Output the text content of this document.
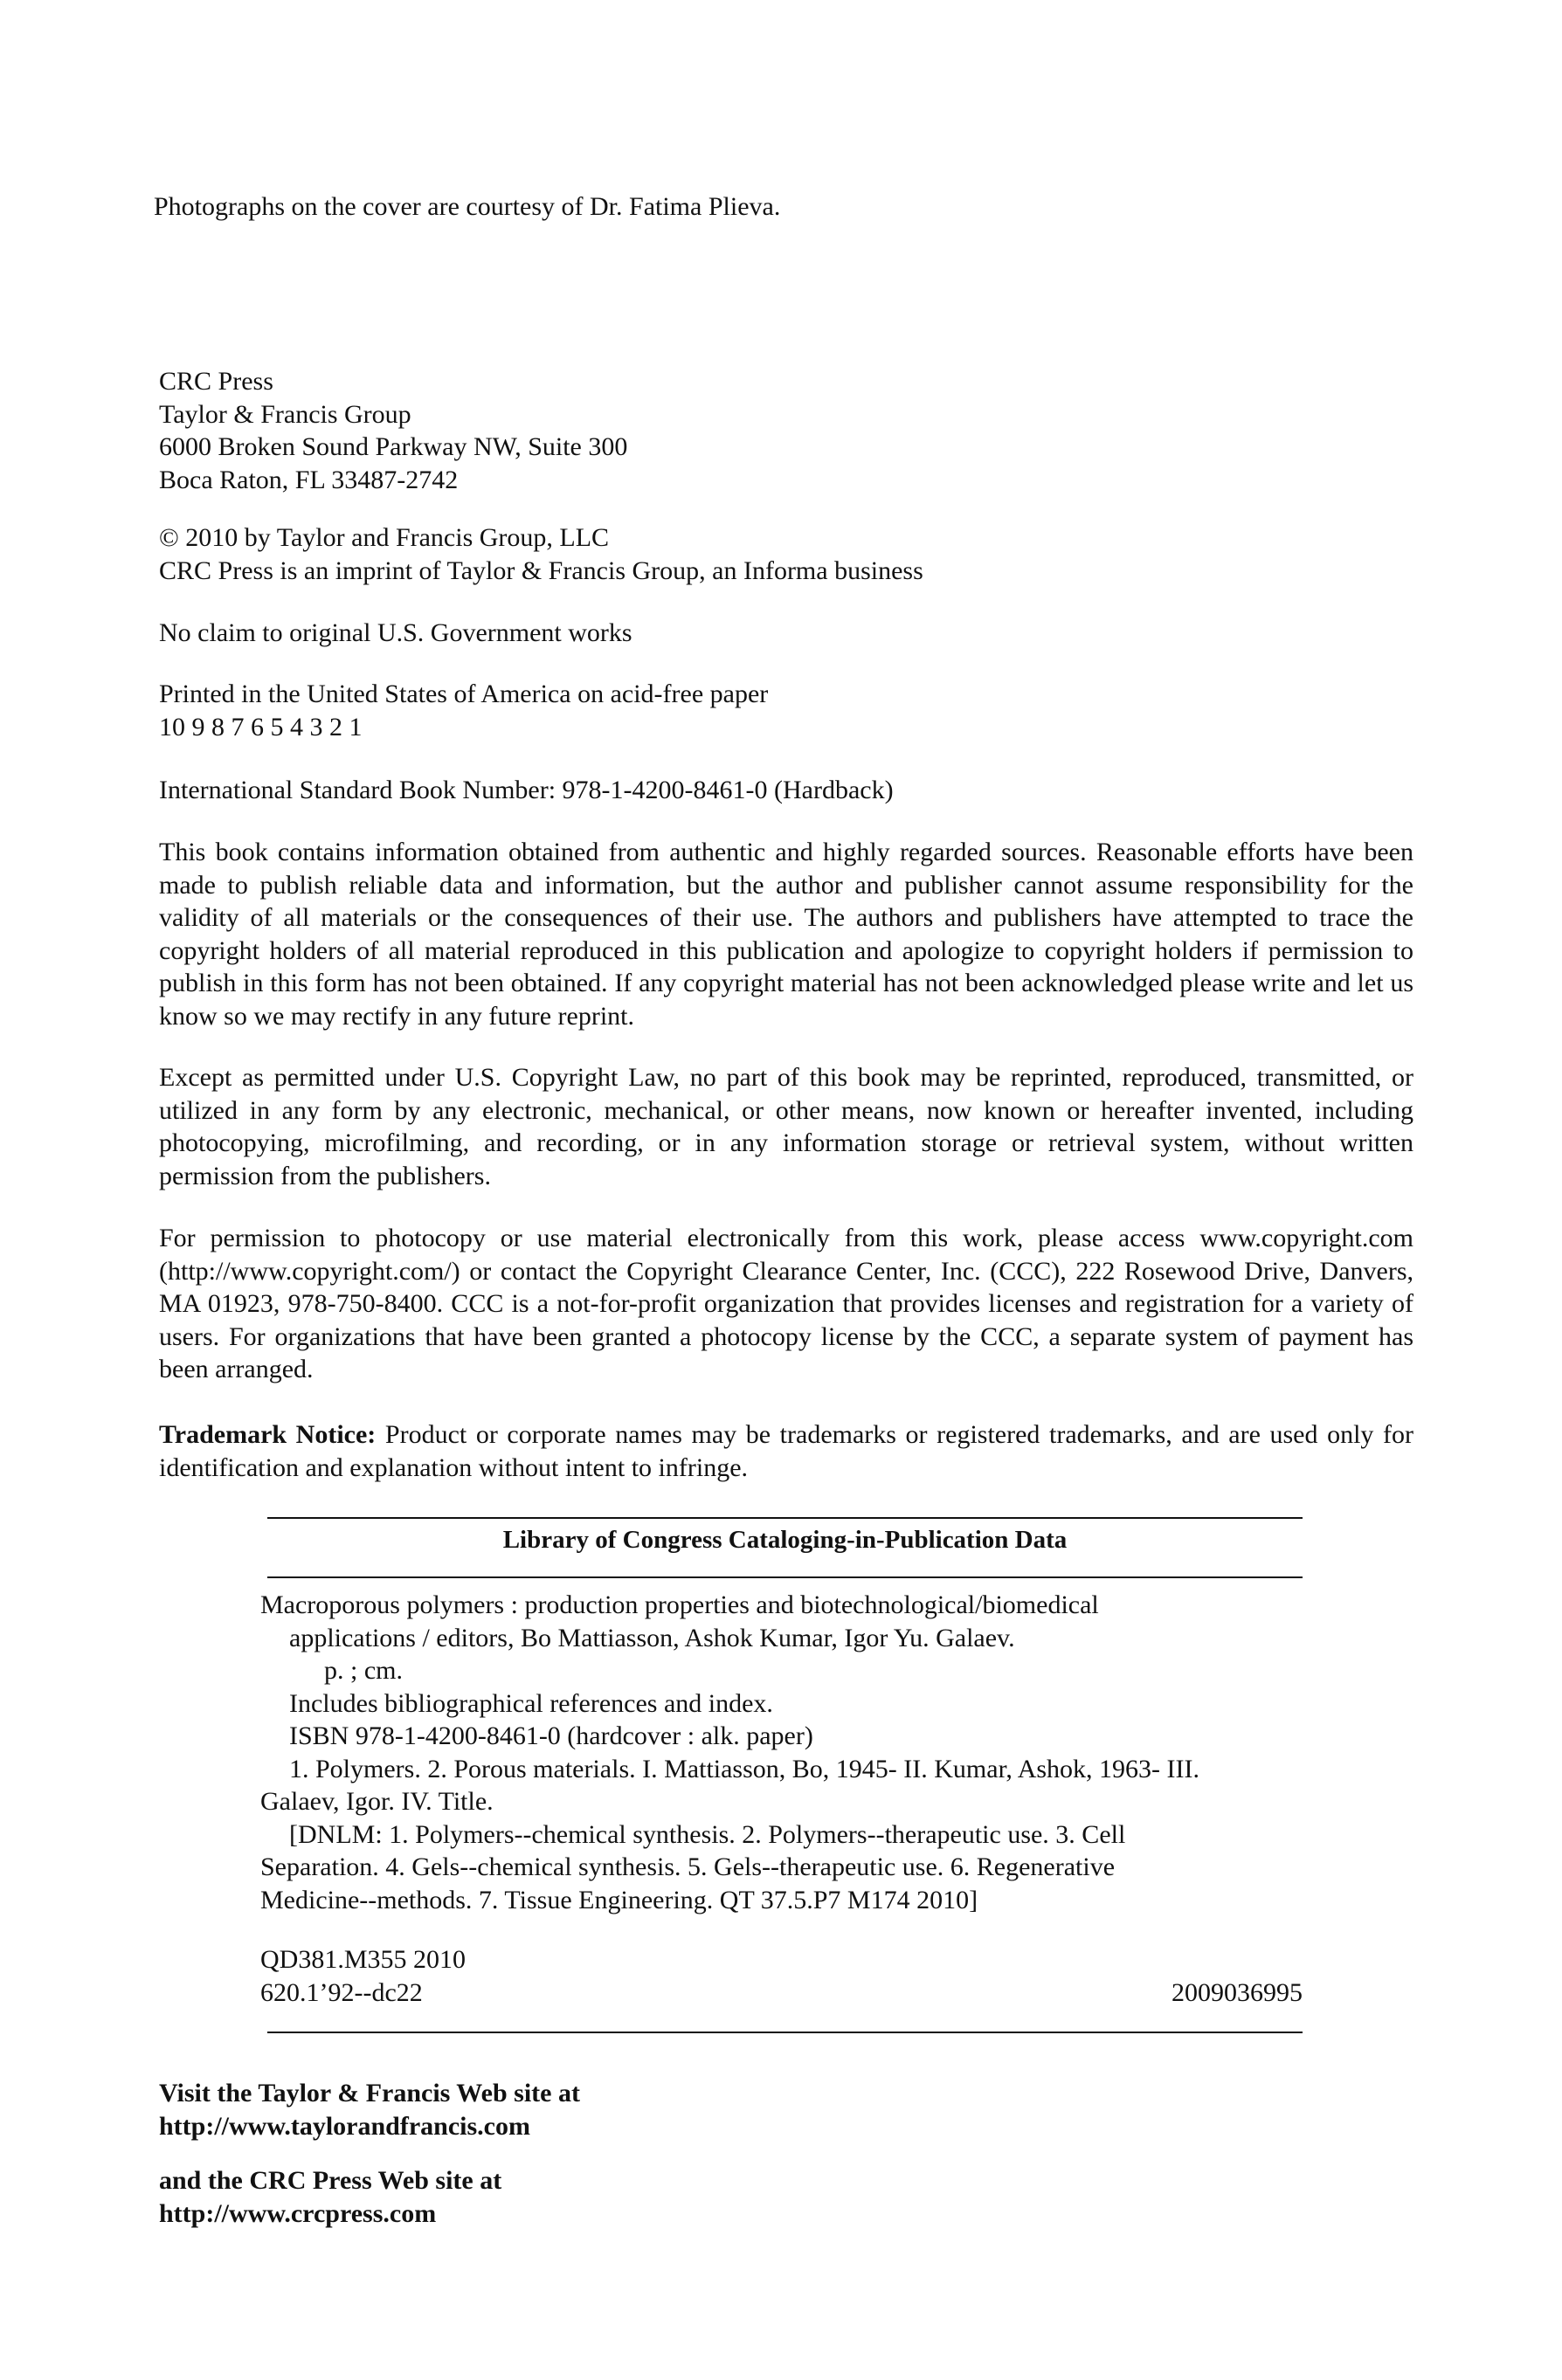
Photographs on the cover are courtesy of Dr. Fatima Plieva.

CRC Press

Taylor & Francis Group

6000 Broken Sound Parkway NW, Suite 300

Boca Raton, FL 33487-2742

© 2010 by Taylor and Francis Group, LLC

CRC Press is an imprint of Taylor & Francis Group, an Informa business

No claim to original U.S. Government works

Printed in the United States of America on acid-free paper

10 9 8 7 6 5 4 3 2 1

International Standard Book Number: 978-1-4200-8461-0 (Hardback)

This book contains information obtained from authentic and highly regarded sources. Reasonable efforts have been made to publish reliable data and information, but the author and publisher cannot assume responsibility for the validity of all materials or the consequences of their use. The authors and publishers have attempted to trace the copyright holders of all material reproduced in this publication and apologize to copyright holders if permission to publish in this form has not been obtained. If any copyright material has not been acknowledged please write and let us know so we may rectify in any future reprint.

Except as permitted under U.S. Copyright Law, no part of this book may be reprinted, reproduced, transmitted, or utilized in any form by any electronic, mechanical, or other means, now known or hereafter invented, including photocopying, microfilming, and recording, or in any information storage or retrieval system, without written permission from the publishers.

For permission to photocopy or use material electronically from this work, please access www.copyright.com (http://www.copyright.com/) or contact the Copyright Clearance Center, Inc. (CCC), 222 Rosewood Drive, Danvers, MA 01923, 978-750-8400. CCC is a not-for-profit organization that provides licenses and registration for a variety of users. For organizations that have been granted a photocopy license by the CCC, a separate system of payment has been arranged.

Trademark Notice: Product or corporate names may be trademarks or registered trademarks, and are used only for identification and explanation without intent to infringe.

Library of Congress Cataloging-in-Publication Data

Macroporous polymers : production properties and biotechnological/biomedical

applications / editors, Bo Mattiasson, Ashok Kumar, Igor Yu. Galaev.

p. ; cm.

Includes bibliographical references and index.

ISBN 978-1-4200-8461-0 (hardcover : alk. paper)

1. Polymers. 2. Porous materials. I. Mattiasson, Bo, 1945- II. Kumar, Ashok, 1963- III.

Galaev, Igor. IV. Title.

[DNLM: 1. Polymers--chemical synthesis. 2. Polymers--therapeutic use. 3. Cell

Separation. 4. Gels--chemical synthesis. 5. Gels--therapeutic use. 6. Regenerative

Medicine--methods. 7. Tissue Engineering. QT 37.5.P7 M174 2010]

QD381.M355 2010

620.1’92--dc22	2009036995

Visit the Taylor & Francis Web site at

http://www.taylorandfrancis.com

and the CRC Press Web site at

http://www.crcpress.com
